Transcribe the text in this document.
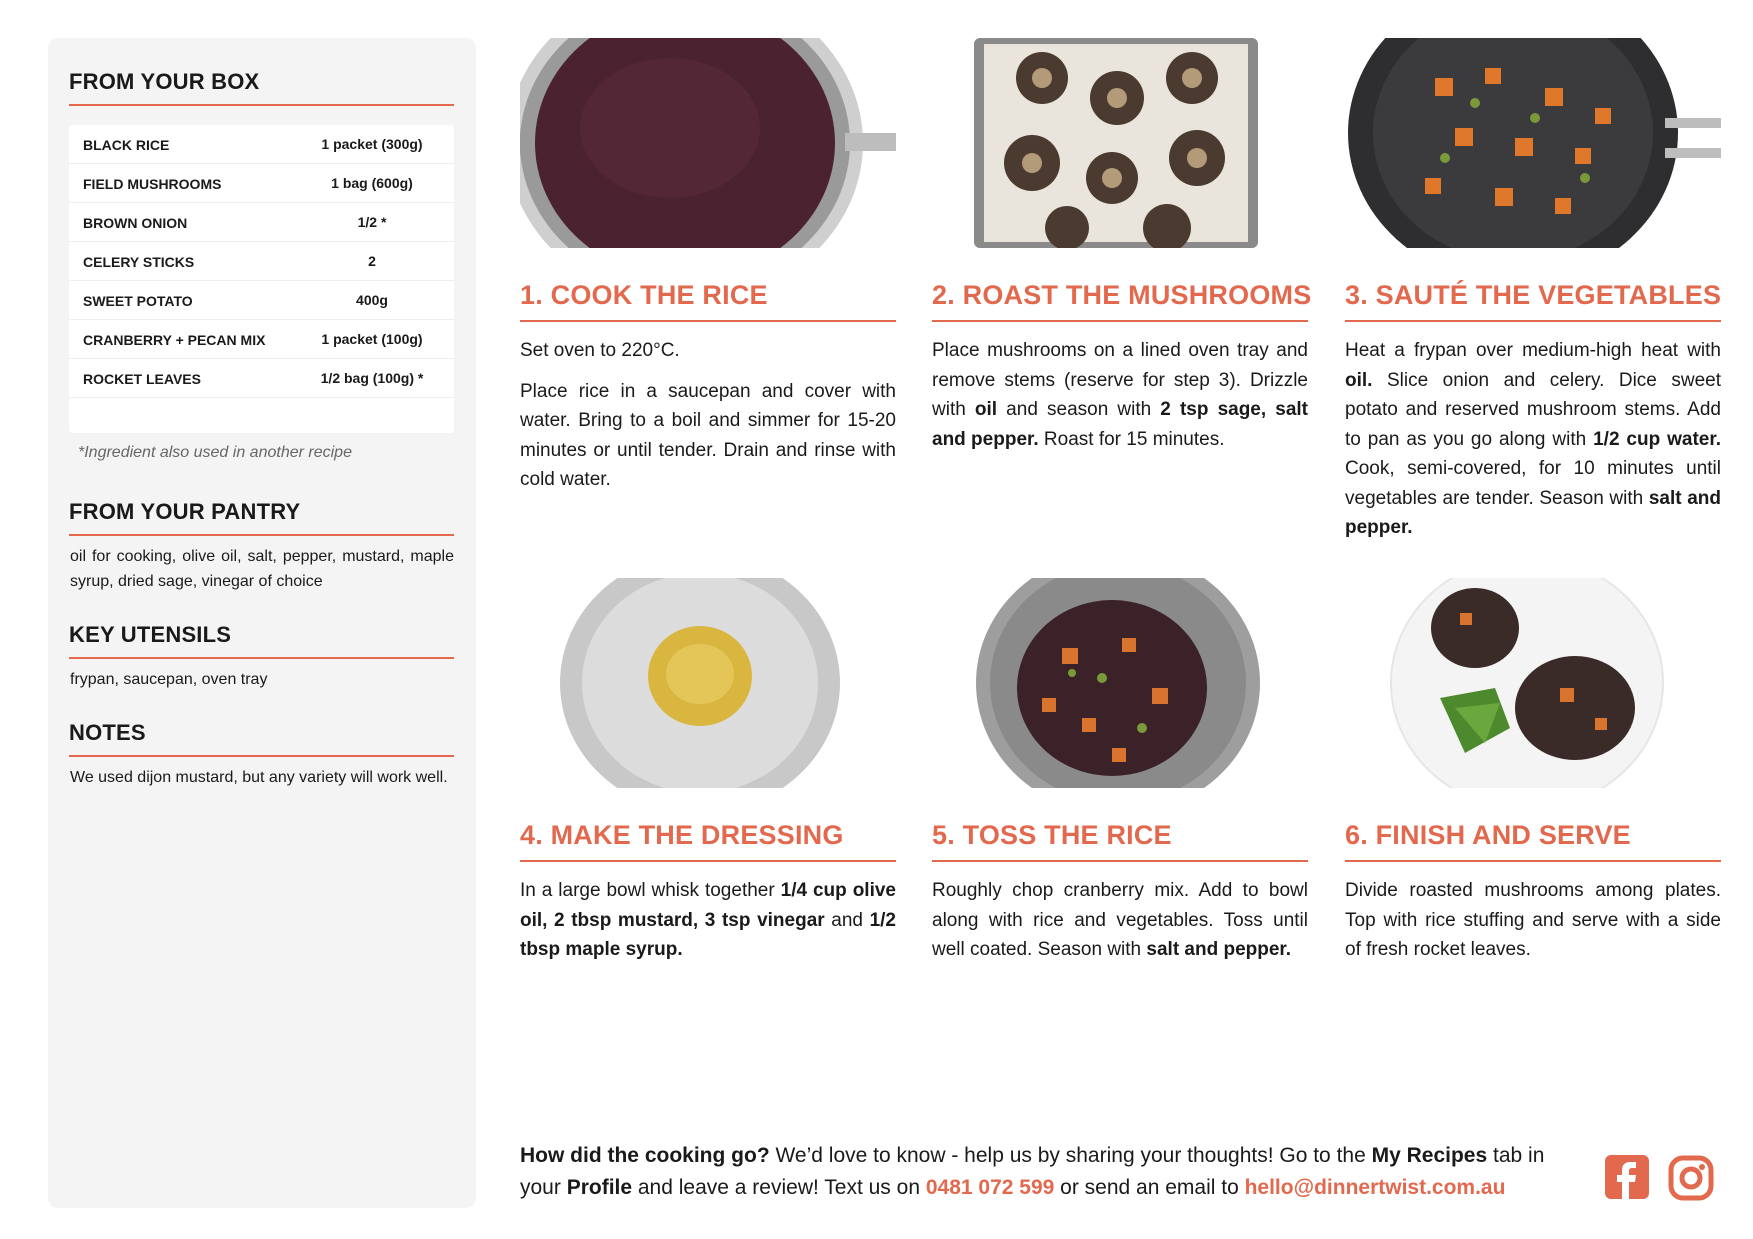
FROM YOUR BOX
BLACK RICE	1 packet (300g)
FIELD MUSHROOMS	1 bag (600g)
BROWN ONION	1/2 *
CELERY STICKS	2
SWEET POTATO	400g
CRANBERRY + PECAN MIX	1 packet (100g)
ROCKET LEAVES	1/2 bag (100g) *
*Ingredient also used in another recipe
FROM YOUR PANTRY
oil for cooking, olive oil, salt, pepper, mustard, maple syrup, dried sage, vinegar of choice
KEY UTENSILS
frypan, saucepan, oven tray
NOTES
We used dijon mustard, but any variety will work well.
1. COOK THE RICE

Set oven to 220°C.

Place rice in a saucepan and cover with water. Bring to a boil and simmer for 15-20 minutes or until tender. Drain and rinse with cold water.

2. ROAST THE MUSHROOMS

Place mushrooms on a lined oven tray and remove stems (reserve for step 3). Drizzle with oil and season with 2 tsp sage, salt and pepper. Roast for 15 minutes.

3. SAUTÉ THE VEGETABLES

Heat a frypan over medium-high heat with oil. Slice onion and celery. Dice sweet potato and reserved mushroom stems. Add to pan as you go along with 1/2 cup water. Cook, semi-covered, for 10 minutes until vegetables are tender. Season with salt and pepper.

4. MAKE THE DRESSING

In a large bowl whisk together 1/4 cup olive oil, 2 tbsp mustard, 3 tsp vinegar and 1/2 tbsp maple syrup.

5. TOSS THE RICE

Roughly chop cranberry mix. Add to bowl along with rice and vegetables. Toss until well coated. Season with salt and pepper.

6. FINISH AND SERVE

Divide roasted mushrooms among plates. Top with rice stuffing and serve with a side of fresh rocket leaves.

How did the cooking go? We’d love to know - help us by sharing your thoughts! Go to the My Recipes tab in your Profile and leave a review! Text us on 0481 072 599 or send an email to hello@dinnertwist.com.au
